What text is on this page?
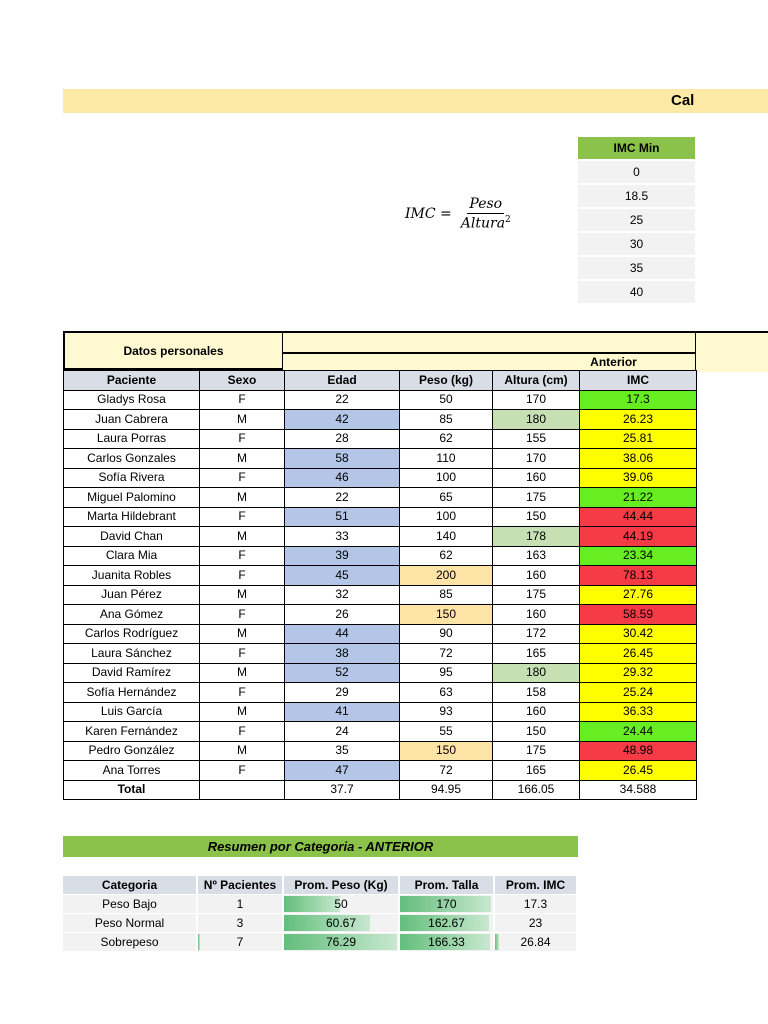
Cal
IMC = $\frac{\text{Peso}}{Altura^2}$
IMC Min
0
18.5
25
30
35
40
Datos personales
Anterior
Paciente	Sexo	Edad	Peso (kg)	Altura (cm)	IMC
Gladys Rosa	F	22	50	170	17.3
Juan Cabrera	M	42	85	180	26.23
Laura Porras	F	28	62	155	25.81
Carlos Gonzales	M	58	110	170	38.06
Sofía Rivera	F	46	100	160	39.06
Miguel Palomino	M	22	65	175	21.22
Marta Hildebrant	F	51	100	150	44.44
David Chan	M	33	140	178	44.19
Clara Mia	F	39	62	163	23.34
Juanita Robles	F	45	200	160	78.13
Juan Pérez	M	32	85	175	27.76
Ana Gómez	F	26	150	160	58.59
Carlos Rodríguez	M	44	90	172	30.42
Laura Sánchez	F	38	72	165	26.45
David Ramírez	M	52	95	180	29.32
Sofía Hernández	F	29	63	158	25.24
Luis García	M	41	93	160	36.33
Karen Fernández	F	24	55	150	24.44
Pedro González	M	35	150	175	48.98
Ana Torres	F	47	72	165	26.45
Total		37.7	94.95	166.05	34.588
Resumen por Categoria - ANTERIOR
Categoria	Nº Pacientes	Prom. Peso (Kg)	Prom. Talla	Prom. IMC
Peso Bajo	1	50	170	17.3
Peso Normal	3	60.67	162.67	23
Sobrepeso	7	76.29	166.33	26.84
